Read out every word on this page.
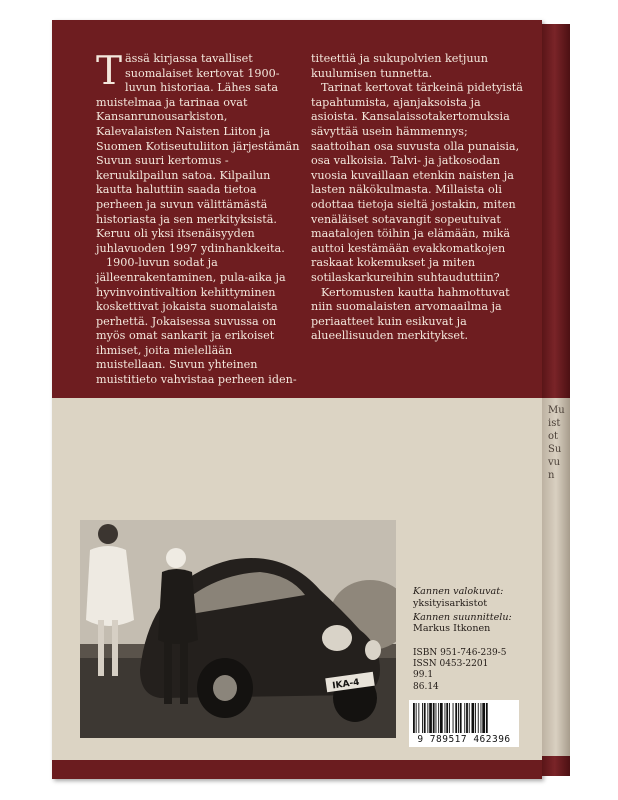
Muistot Suvun

Tässä kirjassa tavalliset suomalaiset kertovat 1900-luvun historiaa. Lähes sata muistelmaa ja tarinaa ovat Kansanrunousarkiston, Kalevalaisten Naisten Liiton ja Suomen Kotiseutuliiton järjestämän Suvun suuri kertomus -keruukilpailun satoa. Kilpailun kautta haluttiin saada tietoa perheen ja suvun välittämästä historiasta ja sen merkityksistä. Keruu oli yksi itsenäisyyden juhlavuoden 1997 ydinhankkeita.

1900-luvun sodat ja jälleenrakentaminen, pula-aika ja hyvinvointivaltion kehittyminen koskettivat jokaista suomalaista perhettä. Jokaisessa suvussa on myös omat sankarit ja erikoiset ihmiset, joita mielellään muistellaan. Suvun yhteinen muistitieto vahvistaa perheen iden-

titeettiä ja sukupolvien ketjuun kuulumisen tunnetta.

Tarinat kertovat tärkeinä pidetyistä tapahtumista, ajanjaksoista ja asioista. Kansalaissotakertomuksia sävyttää usein hämmennys; saattoihan osa suvusta olla punaisia, osa valkoisia. Talvi- ja jatkosodan vuosia kuvaillaan etenkin naisten ja lasten näkökulmasta. Millaista oli odottaa tietoja sieltä jostakin, miten venäläiset sotavangit sopeutuivat maatalojen töihin ja elämään, mikä auttoi kestämään evakkomatkojen raskaat kokemukset ja miten sotilaskarkureihin suhtauduttiin?

Kertomusten kautta hahmottuvat niin suomalaisten arvomaailma ja periaatteet kuin esikuvat ja alueellisuuden merkitykset.

IKA-4
Kannen valokuvat:
yksityisarkistot
Kannen suunnittelu:
Markus Itkonen
ISBN 951-746-239-5
ISSN 0453-2201
99.1
86.14
9 789517 462396
